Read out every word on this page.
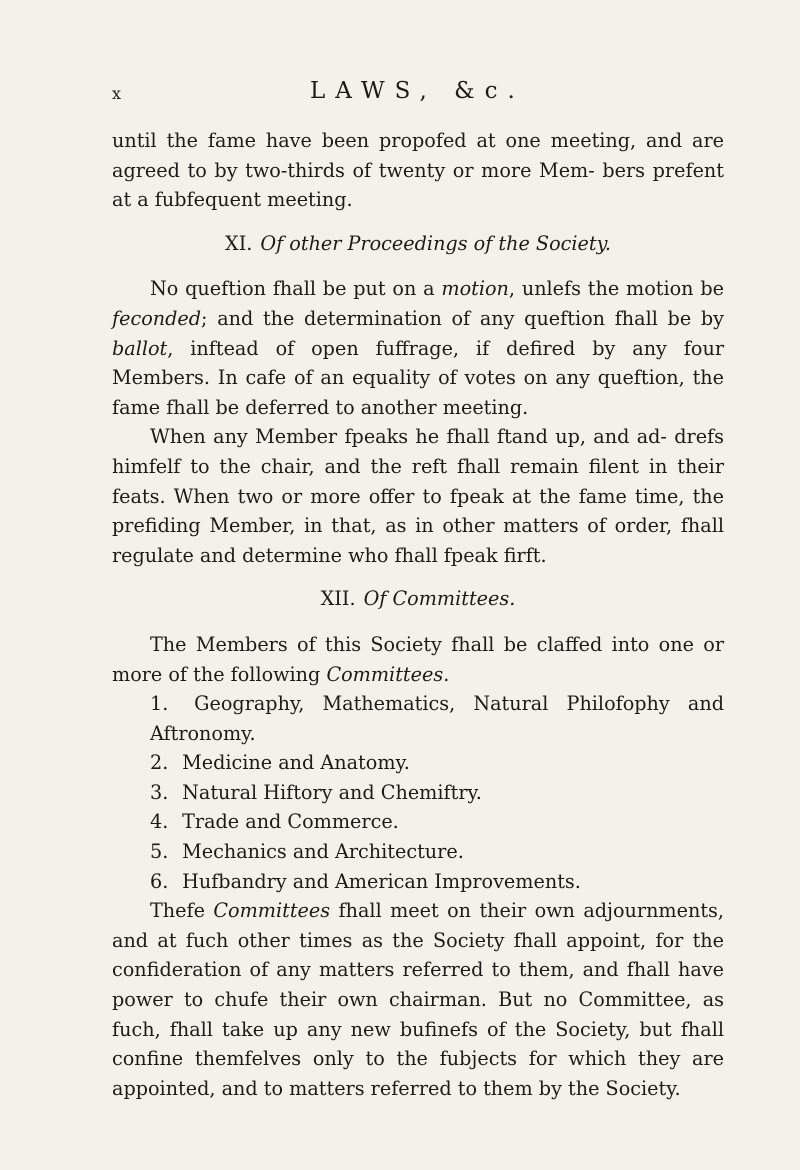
x	LAWS, &c.

until the fame have been propofed at one meeting, and are agreed to by two-thirds of twenty or more Mem- bers prefent at a fubfequent meeting.

XI. Of other Proceedings of the Society.

No queftion fhall be put on a motion, unlefs the motion be feconded; and the determination of any queftion fhall be by ballot, inftead of open fuffrage, if defired by any four Members. In cafe of an equality of votes on any queftion, the fame fhall be deferred to another meeting.

When any Member fpeaks he fhall ftand up, and ad- drefs himfelf to the chair, and the reft fhall remain filent in their feats. When two or more offer to fpeak at the fame time, the prefiding Member, in that, as in other matters of order, fhall regulate and determine who fhall fpeak firft.

XII. Of Committees.

The Members of this Society fhall be claffed into one or more of the following Committees.

1. Geography, Mathematics, Natural Philofophy and Aftronomy.
2. Medicine and Anatomy.
3. Natural Hiftory and Chemiftry.
4. Trade and Commerce.
5. Mechanics and Architecture.
6. Hufbandry and American Improvements.

Thefe Committees fhall meet on their own adjournments, and at fuch other times as the Society fhall appoint, for the confideration of any matters referred to them, and fhall have power to chufe their own chairman. But no Committee, as fuch, fhall take up any new bufinefs of the Society, but fhall confine themfelves only to the fubjects for which they are appointed, and to matters referred to them by the Society.
